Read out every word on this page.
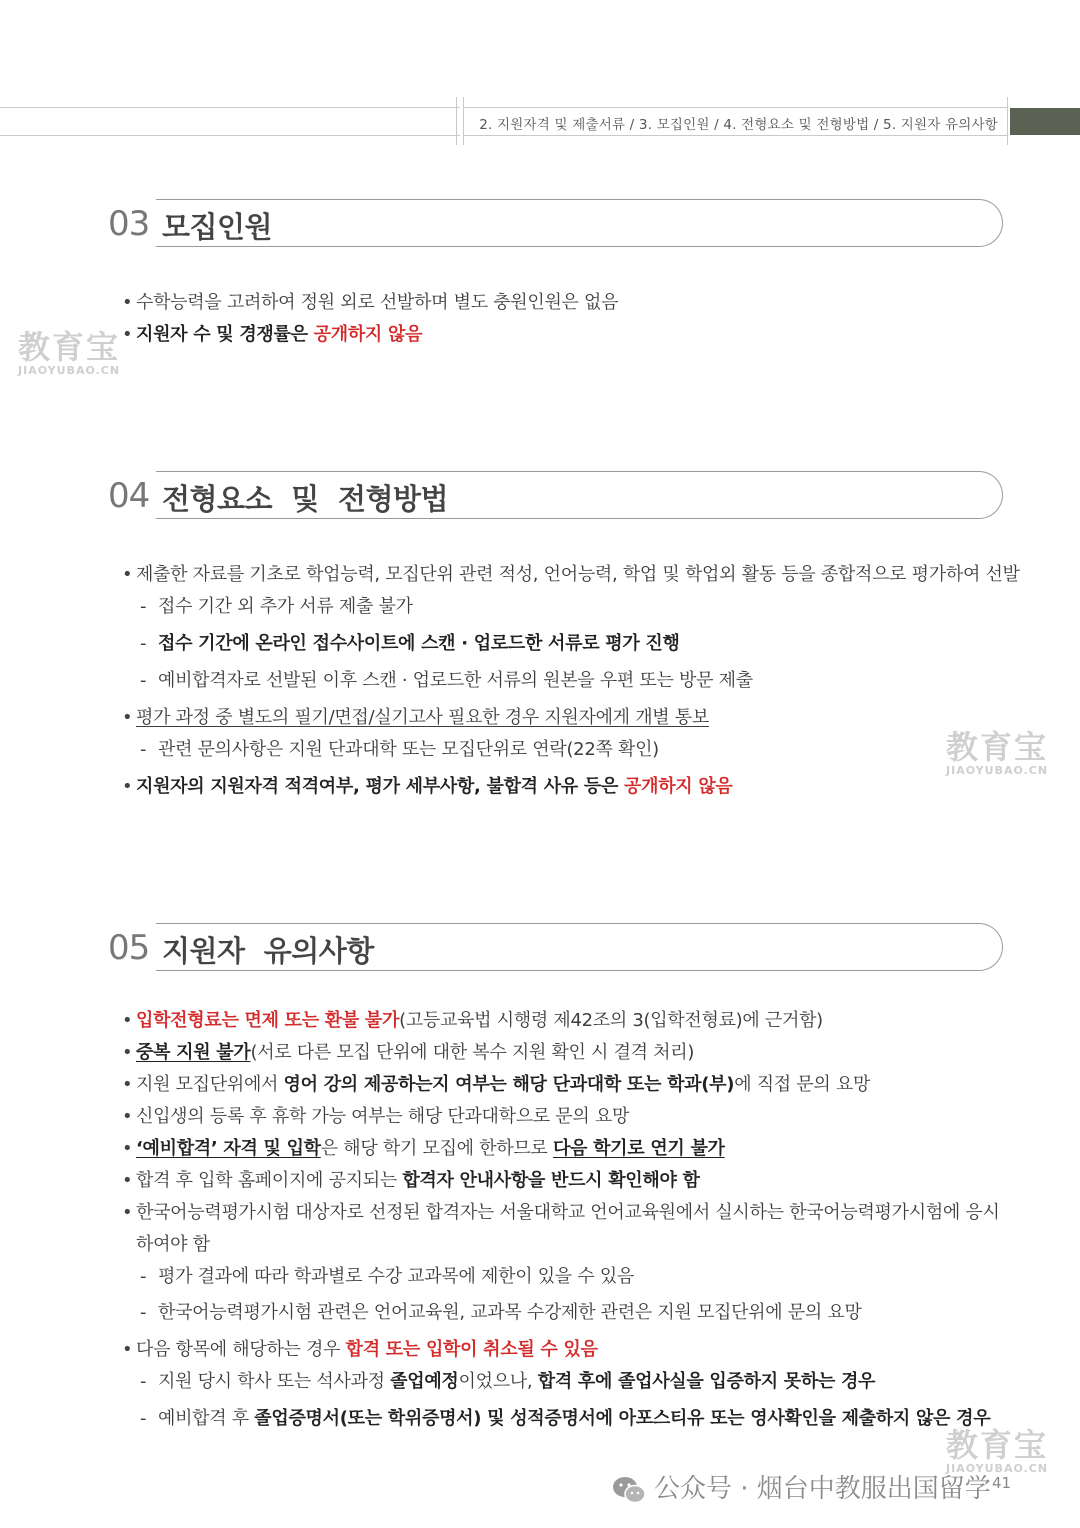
2. 지원자격 및 제출서류 / 3. 모집인원 / 4. 전형요소 및 전형방법 / 5. 지원자 유의사항
03 모집인원
• 수학능력을 고려하여 정원 외로 선발하며 별도 충원인원은 없음
• 지원자 수 및 경쟁률은 공개하지 않음
04 전형요소  및  전형방법
• 제출한 자료를 기초로 학업능력, 모집단위 관련 적성, 언어능력, 학업 및 학업외 활동 등을 종합적으로 평가하여 선발
- 접수 기간 외 추가 서류 제출 불가
- 접수 기간에 온라인 접수사이트에 스캔 · 업로드한 서류로 평가 진행
- 예비합격자로 선발된 이후 스캔 · 업로드한 서류의 원본을 우편 또는 방문 제출
• 평가 과정 중 별도의 필기/면접/실기고사 필요한 경우 지원자에게 개별 통보
- 관련 문의사항은 지원 단과대학 또는 모집단위로 연락(22쪽 확인)
• 지원자의 지원자격 적격여부, 평가 세부사항, 불합격 사유 등은 공개하지 않음
05 지원자  유의사항
• 입학전형료는 면제 또는 환불 불가(고등교육법 시행령 제42조의 3(입학전형료)에 근거함)
• 중복 지원 불가(서로 다른 모집 단위에 대한 복수 지원 확인 시 결격 처리)
• 지원 모집단위에서 영어 강의 제공하는지 여부는 해당 단과대학 또는 학과(부)에 직접 문의 요망
• 신입생의 등록 후 휴학 가능 여부는 해당 단과대학으로 문의 요망
• ‘예비합격’ 자격 및 입학은 해당 학기 모집에 한하므로 다음 학기로 연기 불가
• 합격 후 입학 홈페이지에 공지되는 합격자 안내사항을 반드시 확인해야 함
• 한국어능력평가시험 대상자로 선정된 합격자는 서울대학교 언어교육원에서 실시하는 한국어능력평가시험에 응시하여야 함
- 평가 결과에 따라 학과별로 수강 교과목에 제한이 있을 수 있음
- 한국어능력평가시험 관련은 언어교육원, 교과목 수강제한 관련은 지원 모집단위에 문의 요망
• 다음 항목에 해당하는 경우 합격 또는 입학이 취소될 수 있음
- 지원 당시 학사 또는 석사과정 졸업예정이었으나, 합격 후에 졸업사실을 입증하지 못하는 경우
- 예비합격 후 졸업증명서(또는 학위증명서) 및 성적증명서에 아포스티유 또는 영사확인을 제출하지 않은 경우
教育宝
JIAOYUBAO.CN
教育宝
JIAOYUBAO.CN
教育宝
JIAOYUBAO.CN
公众号 · 烟台中教服出国留学 41
